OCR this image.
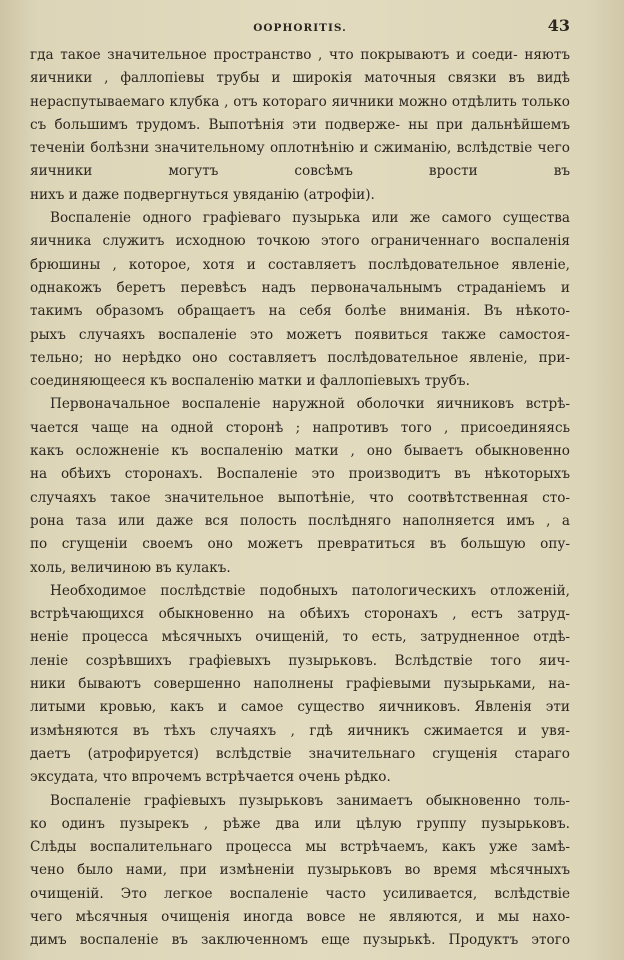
OOPHORITIS.	43

гда такое значительное пространство , что покрываютъ и соеди- няютъ яичники , фаллопіевы трубы и широкія маточныя связки въ видѣ нераспутываемаго клубка , отъ котораго яичники можно отдѣлить только съ большимъ трудомъ. Выпотѣнія эти подвержe- ны при дальнѣйшемъ теченіи болѣзни значительному оплотнѣнію и сжиманію, вслѣдствіе чего яичники могутъ совсѣмъ врости въ

нихъ и даже подвергнуться увяданію (атрофіи).

Воспаленіе одного графіеваго пузырька или же самого существа

яичника служитъ исходною точкою этого ограниченнаго воспаленія

брюшины , которое, хотя и составляетъ послѣдовательное явленіе,

однакожъ беретъ перевѣсъ надъ первоначальнымъ страданіемъ и

такимъ образомъ обращаетъ на себя болѣе вниманія. Въ нѣкото-

рыхъ случаяхъ воспаленіе это можетъ появиться также самостоя-

тельно; но нерѣдко оно составляетъ послѣдовательное явленіе, при-

соединяющееся къ воспаленію матки и фаллопіевыхъ трубъ.

Первоначальное воспаленіе наружной оболочки яичниковъ встрѣ-

чается чаще на одной сторонѣ ; напротивъ того , присоединяясь

какъ осложненіе къ воспаленію матки , оно бываетъ обыкновенно

на обѣихъ сторонахъ. Воспаленіе это производитъ въ нѣкоторыхъ

случаяхъ такое значительное выпотѣніе, что соотвѣтственная сто-

рона таза или даже вся полость послѣдняго наполняется имъ , а

по сгущеніи своемъ оно можетъ превратиться въ большую опу-

холь, величиною въ кулакъ.

Необходимое послѣдствіе подобныхъ патологическихъ отложеній,

встрѣчающихся обыкновенно на обѣихъ сторонахъ , естъ затруд-

неніе процесса мѣсячныхъ очищеній, то есть, затрудненное отдѣ-

леніе созрѣвшихъ графіевыхъ пузырьковъ. Вслѣдствіе того яич-

ники бываютъ совершенно наполнены графіевыми пузырьками, на-

литыми кровью, какъ и самое существо яичниковъ. Явленія эти

измѣняются въ тѣхъ случаяхъ , гдѣ яичникъ сжимается и увя-

даетъ (атрофируется) вслѣдствіе значительнаго сгущенія стараго

эксудата, что впрочемъ встрѣчается очень рѣдко.

Воспаленіе графіевыхъ пузырьковъ занимаетъ обыкновенно толь-

ко одинъ пузырекъ , рѣже два или цѣлую группу пузырьковъ.

Слѣды воспалительнаго процесса мы встрѣчаемъ, какъ уже замѣ-

чено было нами, при измѣненіи пузырьковъ во время мѣсячныхъ

очищеній. Это легкое воспаленіе часто усиливается, вслѣдствіе

чего мѣсячныя очищенія иногда вовсе не являются, и мы нахо-

димъ воспаленіе въ заключенномъ еще пузырькѣ. Продуктъ этого
